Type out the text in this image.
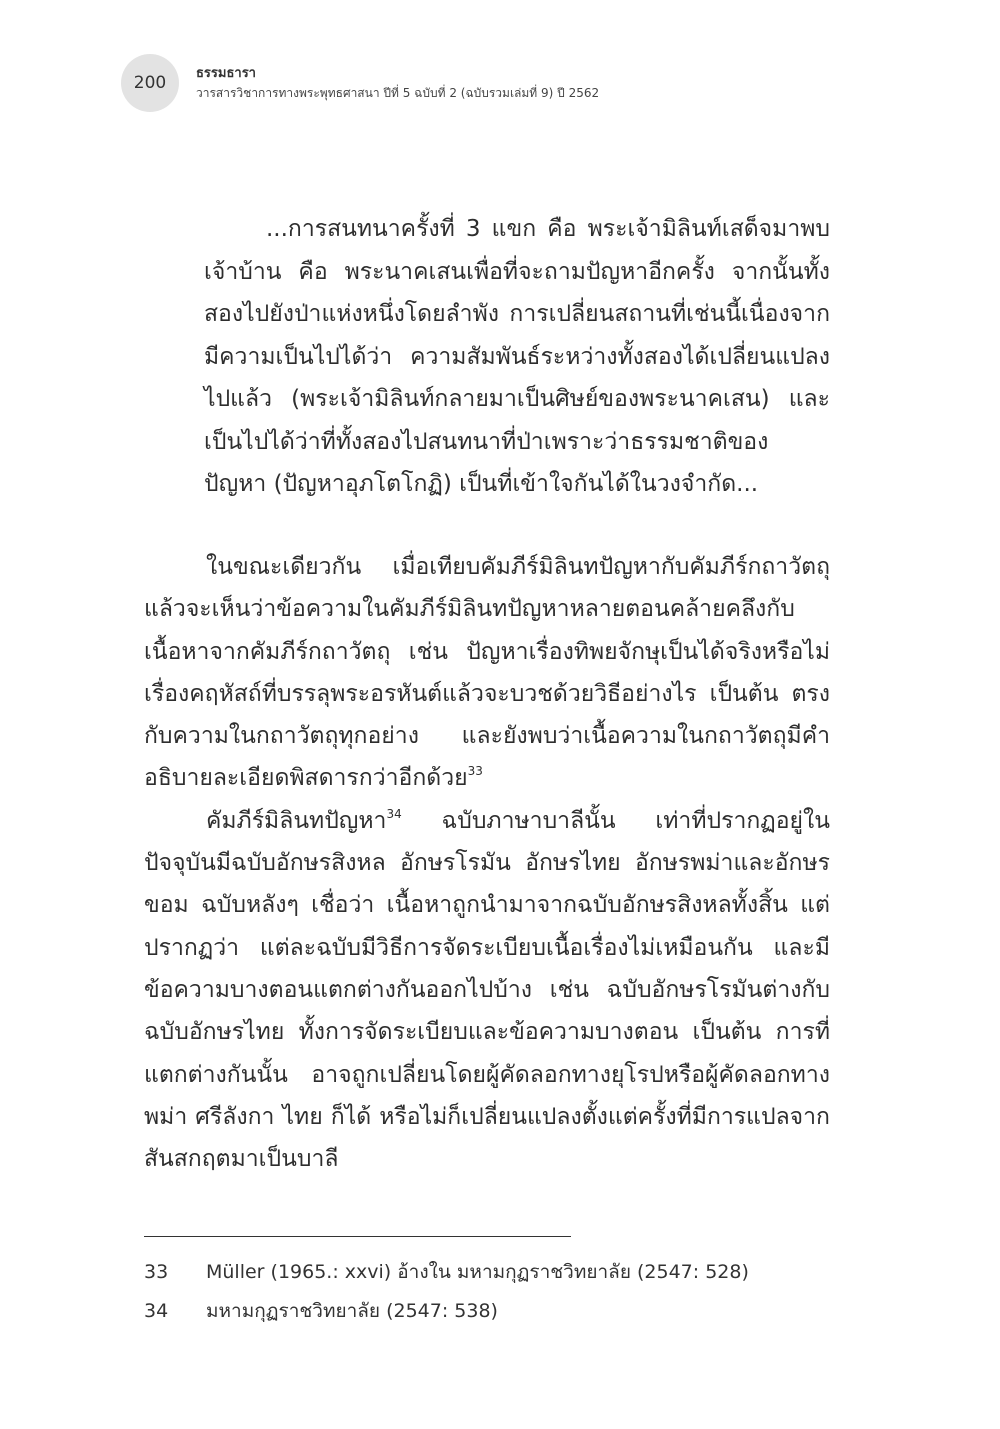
200 ธรรมธารา
วารสารวิชาการทางพระพุทธศาสนา ปีที่ 5 ฉบับที่ 2 (ฉบับรวมเล่มที่ 9) ปี 2562

...การสนทนาครั้งที่ 3 แขก คือ พระเจ้ามิลินท์เสด็จมาพบเจ้าบ้าน คือ พระนาคเสนเพื่อที่จะถามปัญหาอีกครั้ง จากนั้นทั้งสองไปยังป่าแห่งหนึ่งโดยลำพัง การเปลี่ยนสถานที่เช่นนี้เนื่องจากมีความเป็นไปได้ว่า ความสัมพันธ์ระหว่างทั้งสองได้เปลี่ยนแปลงไปแล้ว (พระเจ้ามิลินท์กลายมาเป็นศิษย์ของพระนาคเสน) และเป็นไปได้ว่าที่ทั้งสองไปสนทนาที่ป่าเพราะว่าธรรมชาติของปัญหา (ปัญหาอุภโตโกฏิ) เป็นที่เข้าใจกันได้ในวงจำกัด...

ในขณะเดียวกัน เมื่อเทียบคัมภีร์มิลินทปัญหากับคัมภีร์กถาวัตถุ แล้วจะเห็นว่าข้อความในคัมภีร์มิลินทปัญหาหลายตอนคล้ายคลึงกับเนื้อหาจากคัมภีร์กถาวัตถุ เช่น ปัญหาเรื่องทิพยจักษุเป็นได้จริงหรือไม่ เรื่องคฤหัสถ์ที่บรรลุพระอรหันต์แล้วจะบวชด้วยวิธีอย่างไร เป็นต้น ตรงกับความในกถาวัตถุทุกอย่าง และยังพบว่าเนื้อความในกถาวัตถุมีคำอธิบายละเอียดพิสดารกว่าอีกด้วย$^{33}$

คัมภีร์มิลินทปัญหา$^{34}$ ฉบับภาษาบาลีนั้น เท่าที่ปรากฏอยู่ในปัจจุบันมีฉบับอักษรสิงหล อักษรโรมัน อักษรไทย อักษรพม่าและอักษรขอม ฉบับหลังๆ เชื่อว่า เนื้อหาถูกนำมาจากฉบับอักษรสิงหลทั้งสิ้น แต่ปรากฏว่า แต่ละฉบับมีวิธีการจัดระเบียบเนื้อเรื่องไม่เหมือนกัน และมีข้อความบางตอนแตกต่างกันออกไปบ้าง เช่น ฉบับอักษรโรมันต่างกับฉบับอักษรไทย ทั้งการจัดระเบียบและข้อความบางตอน เป็นต้น การที่แตกต่างกันนั้น อาจถูกเปลี่ยนโดยผู้คัดลอกทางยุโรปหรือผู้คัดลอกทางพม่า ศรีลังกา ไทย ก็ได้ หรือไม่ก็เปลี่ยนแปลงตั้งแต่ครั้งที่มีการแปลจากสันสกฤตมาเป็นบาลี

33 Müller (1965.: xxvi) อ้างใน มหามกุฏราชวิทยาลัย (2547: 528)
34 มหามกุฏราชวิทยาลัย (2547: 538)
